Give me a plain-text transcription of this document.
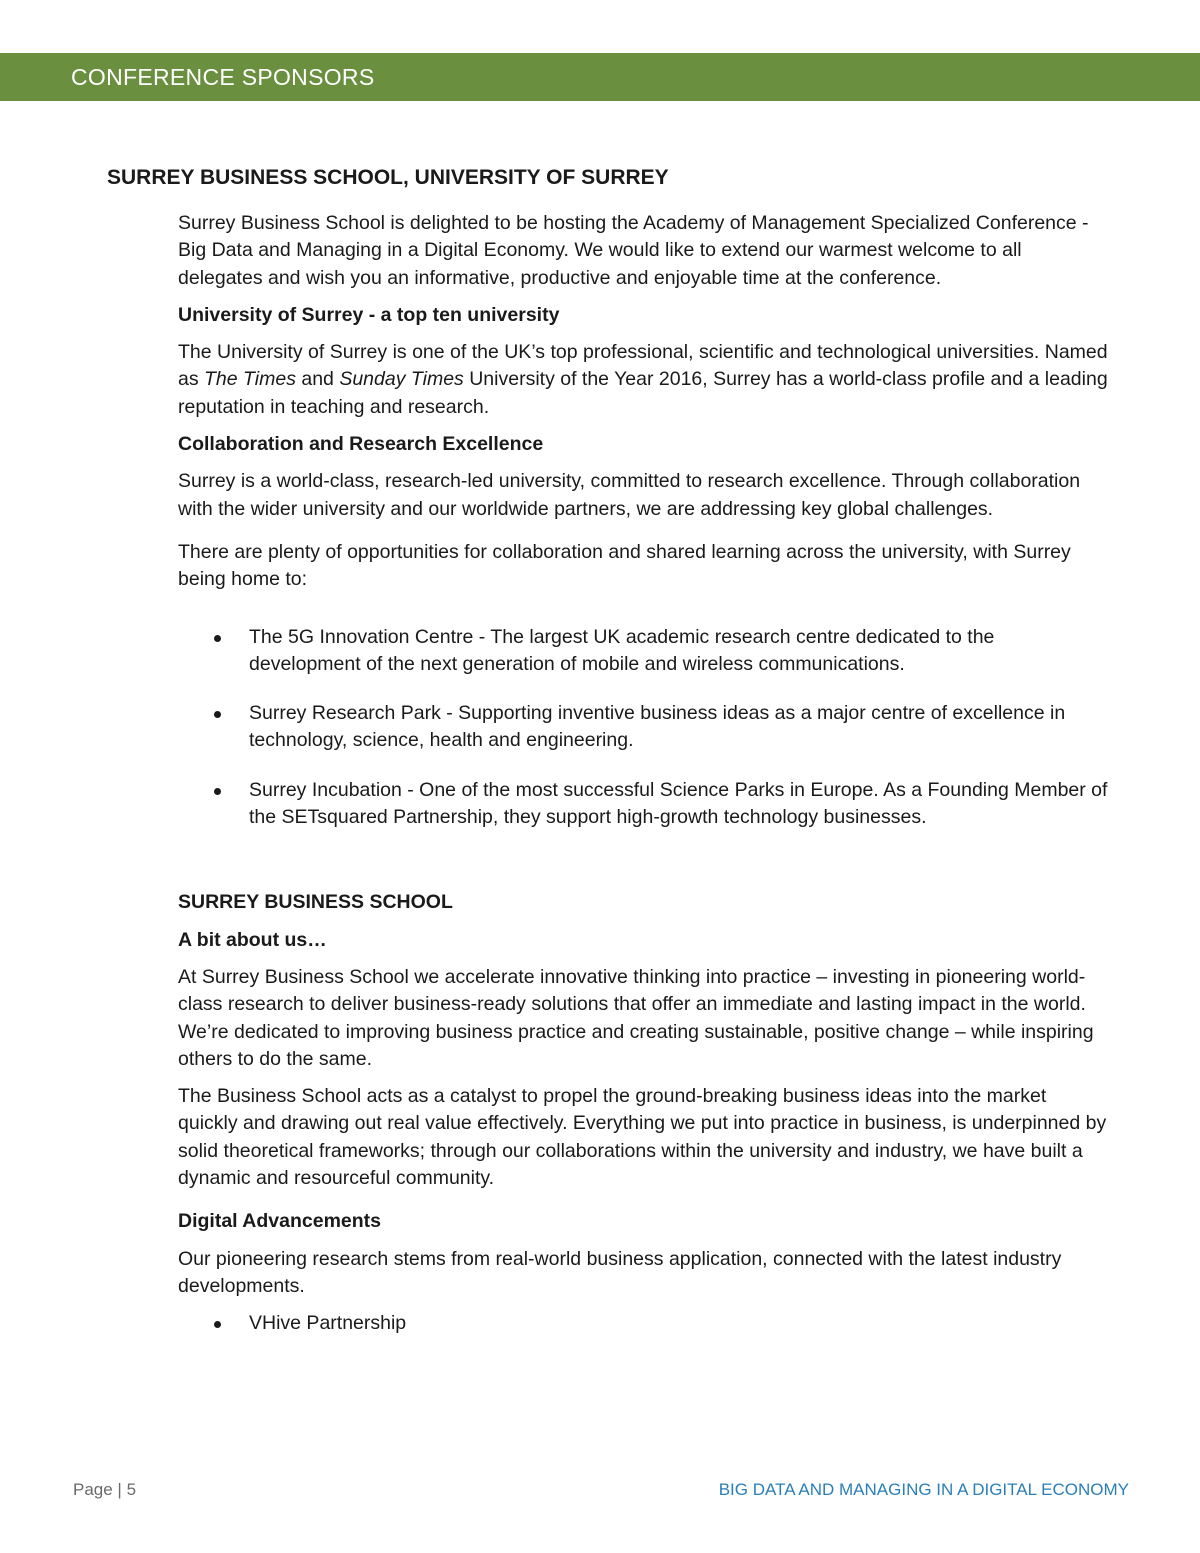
CONFERENCE SPONSORS
SURREY BUSINESS SCHOOL, UNIVERSITY OF SURREY

Surrey Business School is delighted to be hosting the Academy of Management Specialized Conference - Big Data and Managing in a Digital Economy. We would like to extend our warmest welcome to all delegates and wish you an informative, productive and enjoyable time at the conference.

University of Surrey - a top ten university

The University of Surrey is one of the UK’s top professional, scientific and technological universities. Named as The Times and Sunday Times University of the Year 2016, Surrey has a world-class profile and a leading reputation in teaching and research.

Collaboration and Research Excellence

Surrey is a world-class, research-led university, committed to research excellence. Through collaboration with the wider university and our worldwide partners, we are addressing key global challenges.

There are plenty of opportunities for collaboration and shared learning across the university, with Surrey being home to:

The 5G Innovation Centre - The largest UK academic research centre dedicated to the development of the next generation of mobile and wireless communications.
Surrey Research Park - Supporting inventive business ideas as a major centre of excellence in technology, science, health and engineering.
Surrey Incubation - One of the most successful Science Parks in Europe. As a Founding Member of the SETsquared Partnership, they support high-growth technology businesses.

SURREY BUSINESS SCHOOL

A bit about us…

At Surrey Business School we accelerate innovative thinking into practice – investing in pioneering world-class research to deliver business-ready solutions that offer an immediate and lasting impact in the world. We’re dedicated to improving business practice and creating sustainable, positive change – while inspiring others to do the same.

The Business School acts as a catalyst to propel the ground-breaking business ideas into the market quickly and drawing out real value effectively. Everything we put into practice in business, is underpinned by solid theoretical frameworks; through our collaborations within the university and industry, we have built a dynamic and resourceful community.

Digital Advancements

Our pioneering research stems from real-world business application, connected with the latest industry developments.

VHive Partnership
Page | 5	BIG DATA AND MANAGING IN A DIGITAL ECONOMY
